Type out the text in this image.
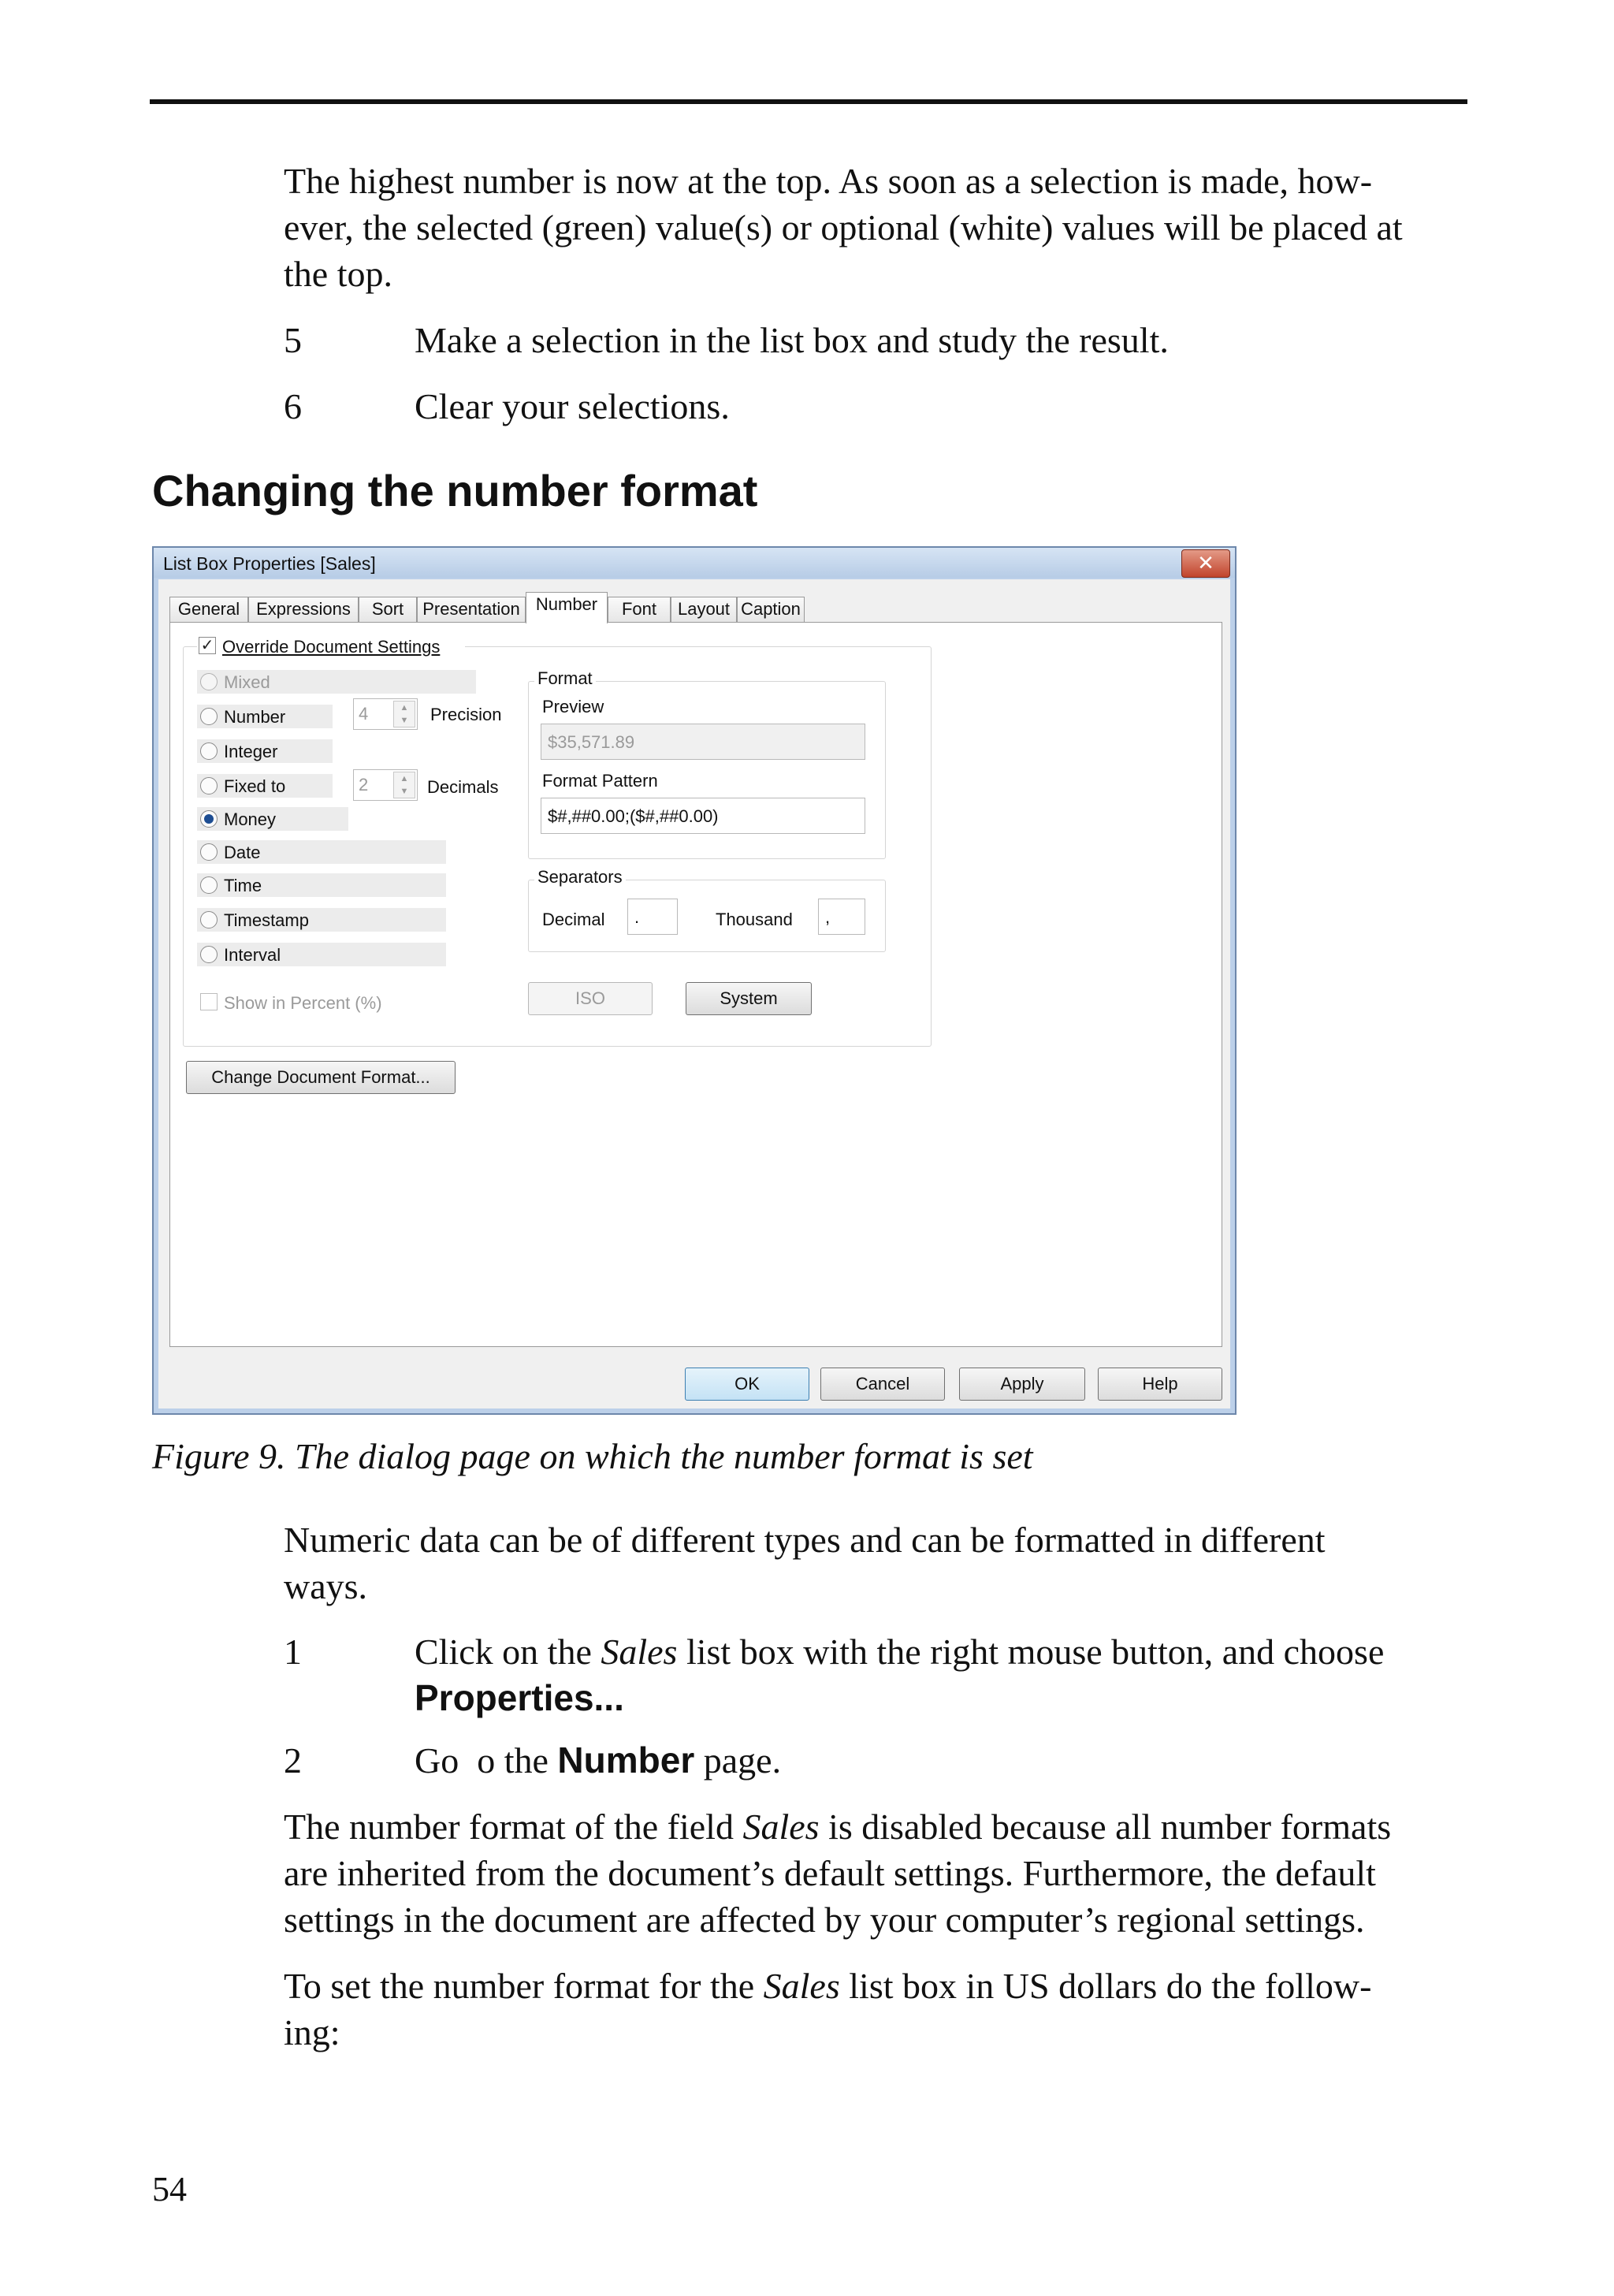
The highest number is now at the top. As soon as a selection is made, how-
ever, the selected (green) value(s) or optional (white) values will be placed at
the top.
5	Make a selection in the list box and study the result.
6	Clear your selections.
Changing the number format
List Box Properties [Sales]	✕
General Expressions	Sort	Presentation Number	Font	Layout Caption
✓ Override Document Settings
Mixed
Number
Integer
Fixed to
Money
Date
Time
Timestamp
Interval
4	▲
▼	Precision
2	▲
▼	Decimals
Show in Percent (%)
Format
Preview
$35,571.89
Format Pattern
$#,##0.00;($#,##0.00)
Separators
Decimal .	Thousand ,
ISO	System
Change Document Format...
OK	Cancel	Apply	Help
Figure 9. The dialog page on which the number format is set
Numeric data can be of different types and can be formatted in different
ways.
1	Click on the Sales list box with the right mouse button, and choose
Properties...
2	Go  o the Number page.
The number format of the field Sales is disabled because all number formats
are inherited from the document’s default settings. Furthermore, the default
settings in the document are affected by your computer’s regional settings.
To set the number format for the Sales list box in US dollars do the follow-
ing:
54
